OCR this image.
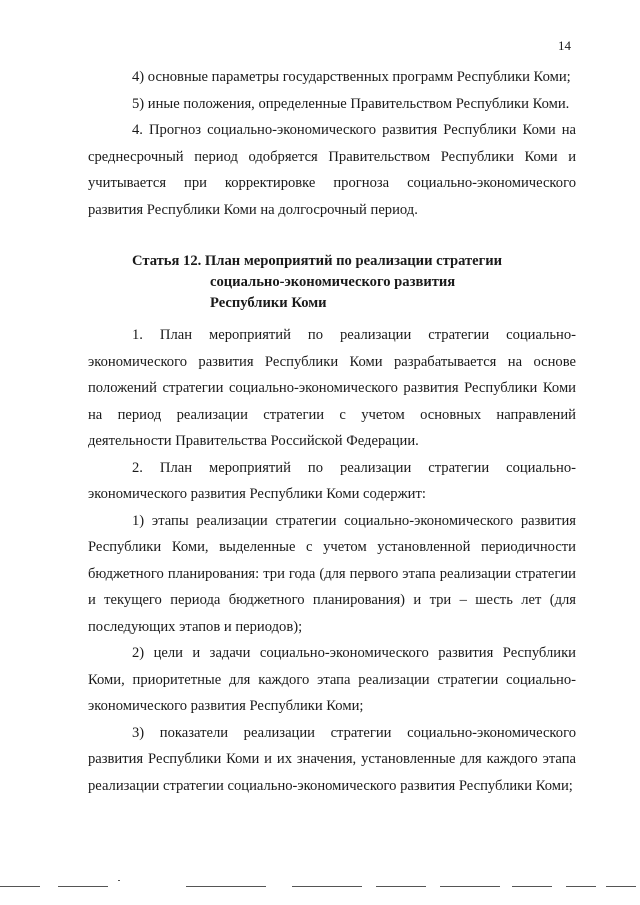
14

4) основные параметры государственных программ Республики Коми;

5) иные положения, определенные Правительством Республики Коми.

4. Прогноз социально-экономического развития Республики Коми на среднесрочный период одобряется Правительством Республики Коми и учитывается при корректировке прогноза социально-экономического развития Республики Коми на долгосрочный период.

Статья 12. План мероприятий по реализации стратегии
социально-экономического развития
Республики Коми

1. План мероприятий по реализации стратегии социально-экономического развития Республики Коми разрабатывается на основе положений стратегии социально-экономического развития Республики Коми на период реализации стратегии с учетом основных направлений деятельности Правительства Российской Федерации.

2. План мероприятий по реализации стратегии социально-экономического развития Республики Коми содержит:

1) этапы реализации стратегии социально-экономического развития Республики Коми, выделенные с учетом установленной периодичности бюджетного планирования: три года (для первого этапа реализации стратегии и текущего периода бюджетного планирования) и три – шесть лет (для последующих этапов и периодов);

2) цели и задачи социально-экономического развития Республики Коми, приоритетные для каждого этапа реализации стратегии социально-экономического развития Республики Коми;

3) показатели реализации стратегии социально-экономического развития Республики Коми и их значения, установленные для каждого этапа реализации стратегии социально-экономического развития Республики Коми;
